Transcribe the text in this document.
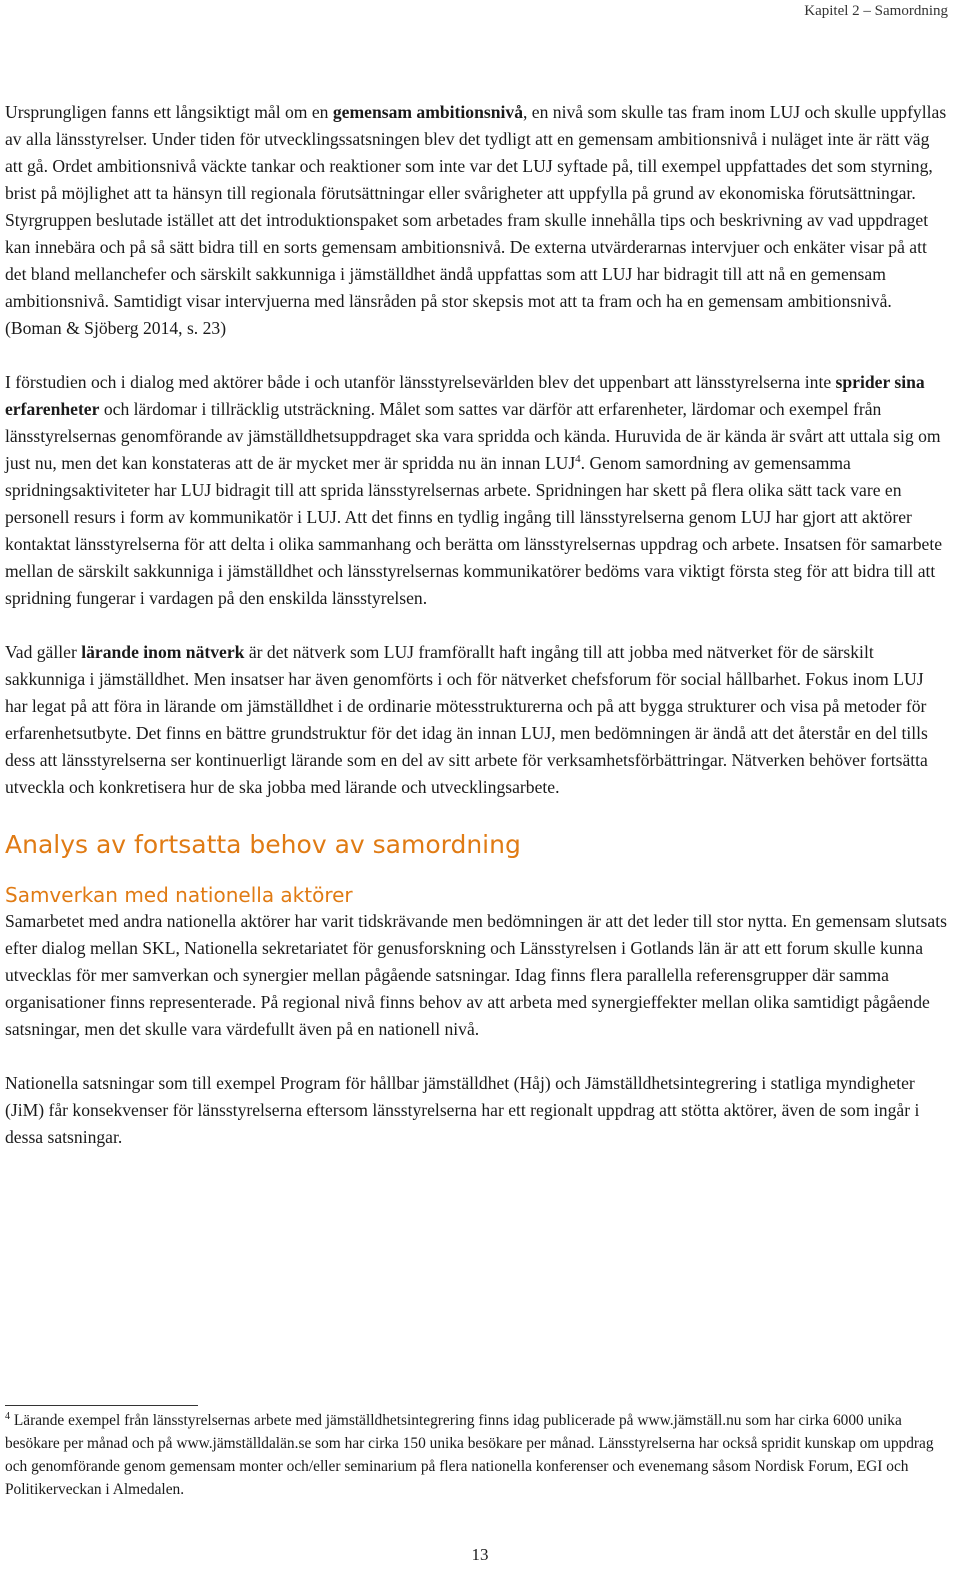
Kapitel 2 – Samordning

Ursprungligen fanns ett långsiktigt mål om en gemensam ambitionsnivå, en nivå som skulle tas fram inom LUJ och skulle uppfyllas av alla länsstyrelser. Under tiden för utvecklingssatsningen blev det tydligt att en gemensam ambitionsnivå i nuläget inte är rätt väg att gå. Ordet ambitionsnivå väckte tankar och reaktioner som inte var det LUJ syftade på, till exempel uppfattades det som styrning, brist på möjlighet att ta hänsyn till regionala förutsättningar eller svårigheter att uppfylla på grund av ekonomiska förutsättningar. Styrgruppen beslutade istället att det introduktionspaket som arbetades fram skulle innehålla tips och beskrivning av vad uppdraget kan innebära och på så sätt bidra till en sorts gemensam ambitionsnivå. De externa utvärderarnas intervjuer och enkäter visar på att det bland mellanchefer och särskilt sakkunniga i jämställdhet ändå uppfattas som att LUJ har bidragit till att nå en gemensam ambitionsnivå. Samtidigt visar intervjuerna med länsråden på stor skepsis mot att ta fram och ha en gemensam ambitionsnivå. (Boman & Sjöberg 2014, s. 23)

I förstudien och i dialog med aktörer både i och utanför länsstyrelsevärlden blev det uppenbart att länsstyrelserna inte sprider sina erfarenheter och lärdomar i tillräcklig utsträckning. Målet som sattes var därför att erfarenheter, lärdomar och exempel från länsstyrelsernas genomförande av jämställdhetsuppdraget ska vara spridda och kända. Huruvida de är kända är svårt att uttala sig om just nu, men det kan konstateras att de är mycket mer är spridda nu än innan LUJ$^4$. Genom samordning av gemensamma spridningsaktiviteter har LUJ bidragit till att sprida länsstyrelsernas arbete. Spridningen har skett på flera olika sätt tack vare en personell resurs i form av kommunikatör i LUJ. Att det finns en tydlig ingång till länsstyrelserna genom LUJ har gjort att aktörer kontaktat länsstyrelserna för att delta i olika sammanhang och berätta om länsstyrelsernas uppdrag och arbete. Insatsen för samarbete mellan de särskilt sakkunniga i jämställdhet och länsstyrelsernas kommunikatörer bedöms vara viktigt första steg för att bidra till att spridning fungerar i vardagen på den enskilda länsstyrelsen.

Vad gäller lärande inom nätverk är det nätverk som LUJ framförallt haft ingång till att jobba med nätverket för de särskilt sakkunniga i jämställdhet. Men insatser har även genomförts i och för nätverket chefsforum för social hållbarhet. Fokus inom LUJ har legat på att föra in lärande om jämställdhet i de ordinarie mötesstrukturerna och på att bygga strukturer och visa på metoder för erfarenhetsutbyte. Det finns en bättre grundstruktur för det idag än innan LUJ, men bedömningen är ändå att det återstår en del tills dess att länsstyrelserna ser kontinuerligt lärande som en del av sitt arbete för verksamhetsförbättringar. Nätverken behöver fortsätta utveckla och konkretisera hur de ska jobba med lärande och utvecklingsarbete.

Analys av fortsatta behov av samordning
Samverkan med nationella aktörer

Samarbetet med andra nationella aktörer har varit tidskrävande men bedömningen är att det leder till stor nytta. En gemensam slutsats efter dialog mellan SKL, Nationella sekretariatet för genusforskning och Länsstyrelsen i Gotlands län är att ett forum skulle kunna utvecklas för mer samverkan och synergier mellan pågående satsningar. Idag finns flera parallella referensgrupper där samma organisationer finns representerade. På regional nivå finns behov av att arbeta med synergieffekter mellan olika samtidigt pågående satsningar, men det skulle vara värdefullt även på en nationell nivå.

Nationella satsningar som till exempel Program för hållbar jämställdhet (Håj) och Jämställdhetsintegrering i statliga myndigheter (JiM) får konsekvenser för länsstyrelserna eftersom länsstyrelserna har ett regionalt uppdrag att stötta aktörer, även de som ingår i dessa satsningar.

$^4$ Lärande exempel från länsstyrelsernas arbete med jämställdhetsintegrering finns idag publicerade på www.jämställ.nu som har cirka 6000 unika besökare per månad och på www.jämställdalän.se som har cirka 150 unika besökare per månad. Länsstyrelserna har också spridit kunskap om uppdrag och genomförande genom gemensam monter och/eller seminarium på flera nationella konferenser och evenemang såsom Nordisk Forum, EGI och Politikerveckan i Almedalen.
13
